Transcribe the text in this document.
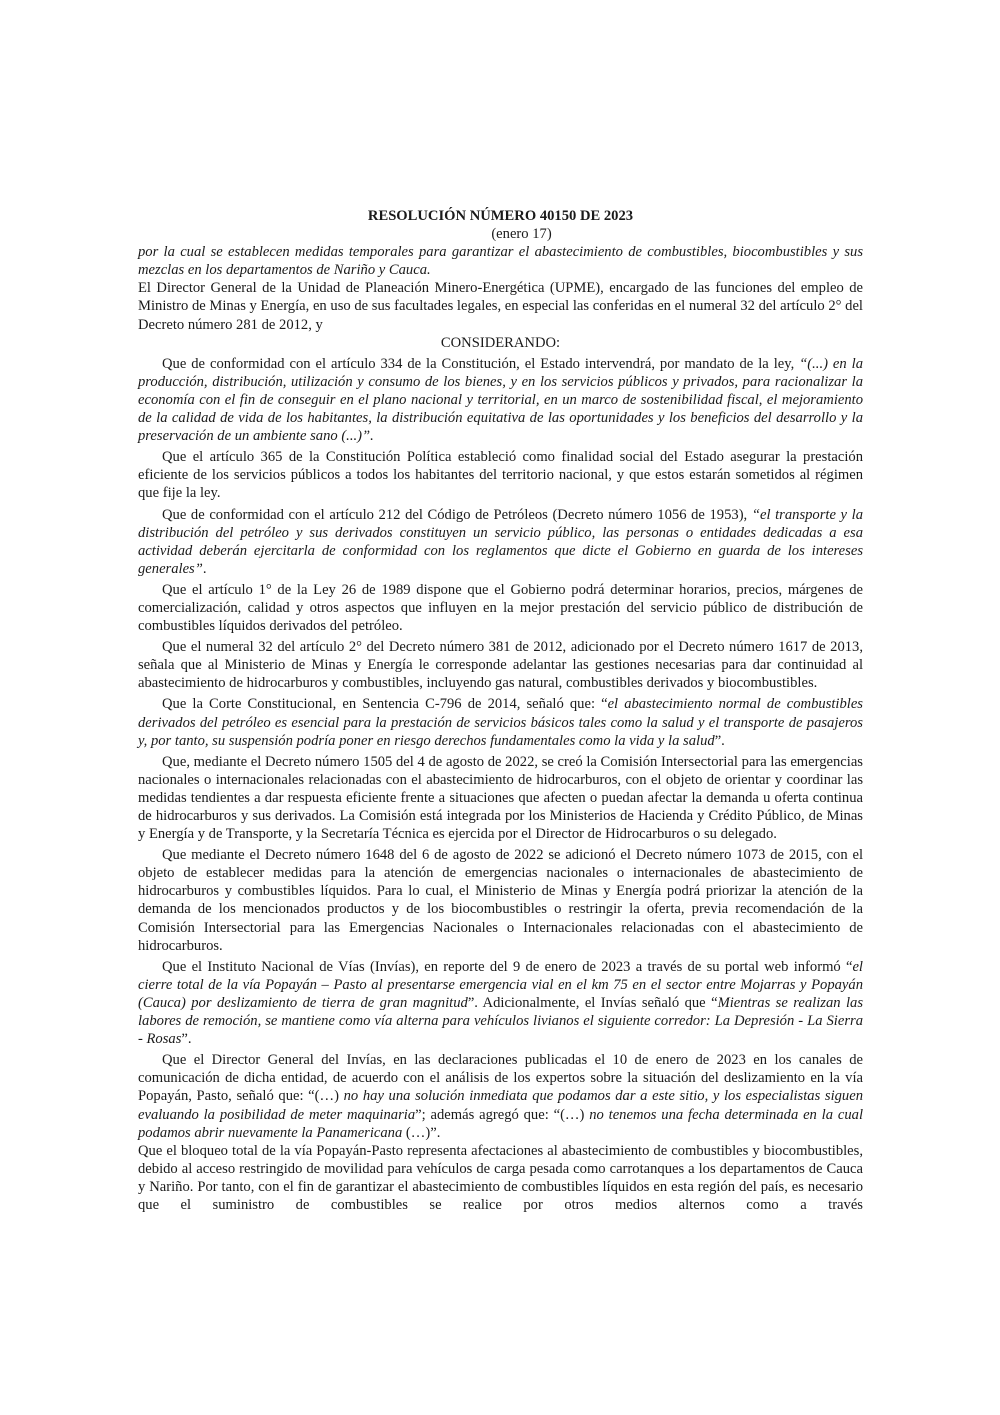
RESOLUCIÓN NÚMERO 40150 DE 2023

(enero 17)

por la cual se establecen medidas temporales para garantizar el abastecimiento de combustibles, biocombustibles y sus mezclas en los departamentos de Nariño y Cauca.

El Director General de la Unidad de Planeación Minero-Energética (UPME), encargado de las funciones del empleo de Ministro de Minas y Energía, en uso de sus facultades legales, en especial las conferidas en el numeral 32 del artículo 2° del Decreto número 281 de 2012, y

CONSIDERANDO:

Que de conformidad con el artículo 334 de la Constitución, el Estado intervendrá, por mandato de la ley, “(...) en la producción, distribución, utilización y consumo de los bienes, y en los servicios públicos y privados, para racionalizar la economía con el fin de conseguir en el plano nacional y territorial, en un marco de sostenibilidad fiscal, el mejoramiento de la calidad de vida de los habitantes, la distribución equitativa de las oportunidades y los beneficios del desarrollo y la preservación de un ambiente sano (...)”.

Que el artículo 365 de la Constitución Política estableció como finalidad social del Estado asegurar la prestación eficiente de los servicios públicos a todos los habitantes del territorio nacional, y que estos estarán sometidos al régimen que fije la ley.

Que de conformidad con el artículo 212 del Código de Petróleos (Decreto número 1056 de 1953), “el transporte y la distribución del petróleo y sus derivados constituyen un servicio público, las personas o entidades dedicadas a esa actividad deberán ejercitarla de conformidad con los reglamentos que dicte el Gobierno en guarda de los intereses generales”.

Que el artículo 1° de la Ley 26 de 1989 dispone que el Gobierno podrá determinar horarios, precios, márgenes de comercialización, calidad y otros aspectos que influyen en la mejor prestación del servicio público de distribución de combustibles líquidos derivados del petróleo.

Que el numeral 32 del artículo 2° del Decreto número 381 de 2012, adicionado por el Decreto número 1617 de 2013, señala que al Ministerio de Minas y Energía le corresponde adelantar las gestiones necesarias para dar continuidad al abastecimiento de hidrocarburos y combustibles, incluyendo gas natural, combustibles derivados y biocombustibles.

Que la Corte Constitucional, en Sentencia C-796 de 2014, señaló que: “el abastecimiento normal de combustibles derivados del petróleo es esencial para la prestación de servicios básicos tales como la salud y el transporte de pasajeros y, por tanto, su suspensión podría poner en riesgo derechos fundamentales como la vida y la salud”.

Que, mediante el Decreto número 1505 del 4 de agosto de 2022, se creó la Comisión Intersectorial para las emergencias nacionales o internacionales relacionadas con el abastecimiento de hidrocarburos, con el objeto de orientar y coordinar las medidas tendientes a dar respuesta eficiente frente a situaciones que afecten o puedan afectar la demanda u oferta continua de hidrocarburos y sus derivados. La Comisión está integrada por los Ministerios de Hacienda y Crédito Público, de Minas y Energía y de Transporte, y la Secretaría Técnica es ejercida por el Director de Hidrocarburos o su delegado.

Que mediante el Decreto número 1648 del 6 de agosto de 2022 se adicionó el Decreto número 1073 de 2015, con el objeto de establecer medidas para la atención de emergencias nacionales o internacionales de abastecimiento de hidrocarburos y combustibles líquidos. Para lo cual, el Ministerio de Minas y Energía podrá priorizar la atención de la demanda de los mencionados productos y de los biocombustibles o restringir la oferta, previa recomendación de la Comisión Intersectorial para las Emergencias Nacionales o Internacionales relacionadas con el abastecimiento de hidrocarburos.

Que el Instituto Nacional de Vías (Invías), en reporte del 9 de enero de 2023 a través de su portal web informó “el cierre total de la vía Popayán – Pasto al presentarse emergencia vial en el km 75 en el sector entre Mojarras y Popayán (Cauca) por deslizamiento de tierra de gran magnitud”. Adicionalmente, el Invías señaló que “Mientras se realizan las labores de remoción, se mantiene como vía alterna para vehículos livianos el siguiente corredor: La Depresión - La Sierra - Rosas”.

Que el Director General del Invías, en las declaraciones publicadas el 10 de enero de 2023 en los canales de comunicación de dicha entidad, de acuerdo con el análisis de los expertos sobre la situación del deslizamiento en la vía Popayán, Pasto, señaló que: “(…) no hay una solución inmediata que podamos dar a este sitio, y los especialistas siguen evaluando la posibilidad de meter maquinaria”; además agregó que: “(…) no tenemos una fecha determinada en la cual podamos abrir nuevamente la Panamericana (…)”.

Que el bloqueo total de la vía Popayán-Pasto representa afectaciones al abastecimiento de combustibles y biocombustibles, debido al acceso restringido de movilidad para vehículos de carga pesada como carrotanques a los departamentos de Cauca y Nariño. Por tanto, con el fin de garantizar el abastecimiento de combustibles líquidos en esta región del país, es necesario que el suministro de combustibles se realice por otros medios alternos como a través
